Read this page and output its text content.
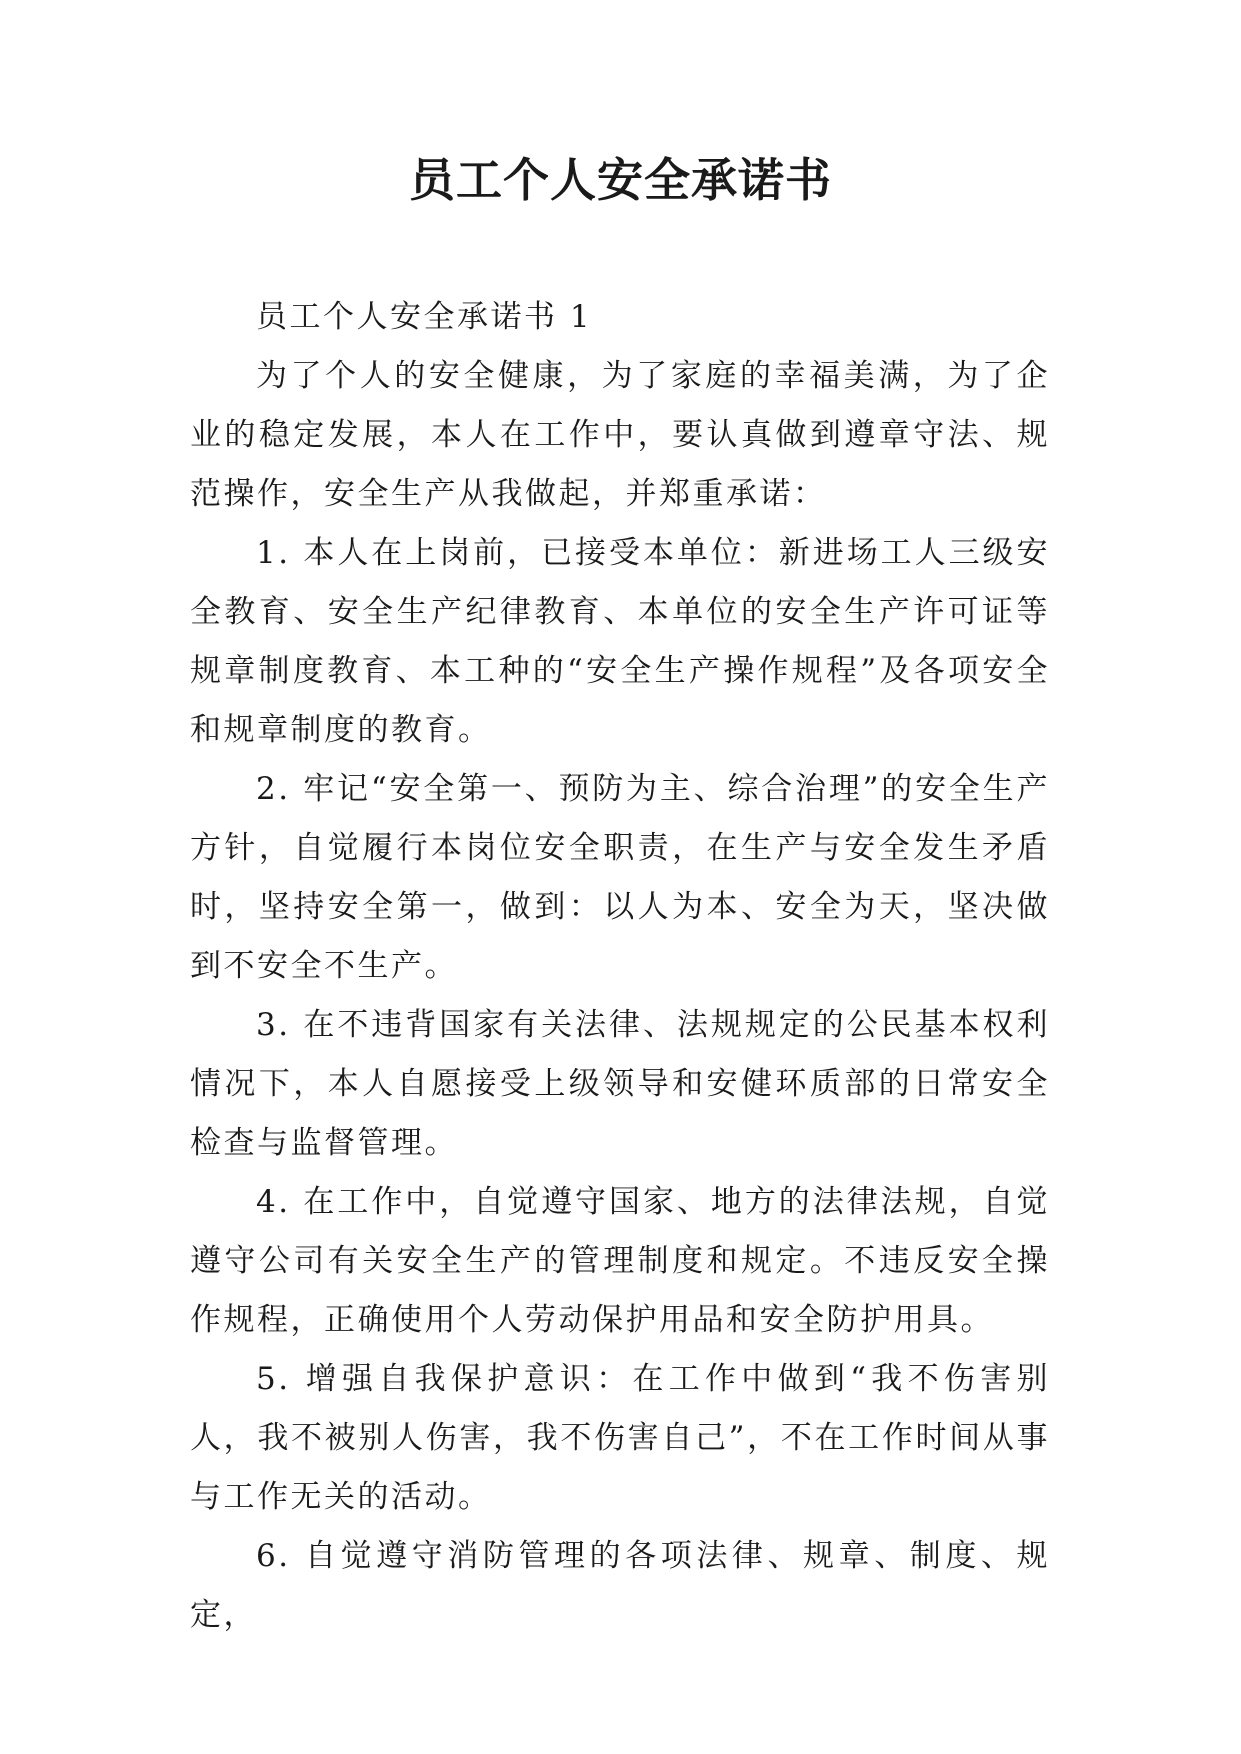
员工个人安全承诺书

员工个人安全承诺书 1

为了个人的安全健康，为了家庭的幸福美满，为了企业的稳定发展，本人在工作中，要认真做到遵章守法、规范操作，安全生产从我做起，并郑重承诺：

1. 本人在上岗前，已接受本单位：新进场工人三级安全教育、安全生产纪律教育、本单位的安全生产许可证等规章制度教育、本工种的“安全生产操作规程”及各项安全和规章制度的教育。

2. 牢记“安全第一、预防为主、综合治理”的安全生产方针，自觉履行本岗位安全职责，在生产与安全发生矛盾时，坚持安全第一，做到：以人为本、安全为天，坚决做到不安全不生产。

3. 在不违背国家有关法律、法规规定的公民基本权利情况下，本人自愿接受上级领导和安健环质部的日常安全检查与监督管理。

4. 在工作中，自觉遵守国家、地方的法律法规，自觉遵守公司有关安全生产的管理制度和规定。不违反安全操作规程，正确使用个人劳动保护用品和安全防护用具。

5. 增强自我保护意识：在工作中做到“我不伤害别人，我不被别人伤害，我不伤害自己”，不在工作时间从事与工作无关的活动。

6. 自觉遵守消防管理的各项法律、规章、制度、规定，
